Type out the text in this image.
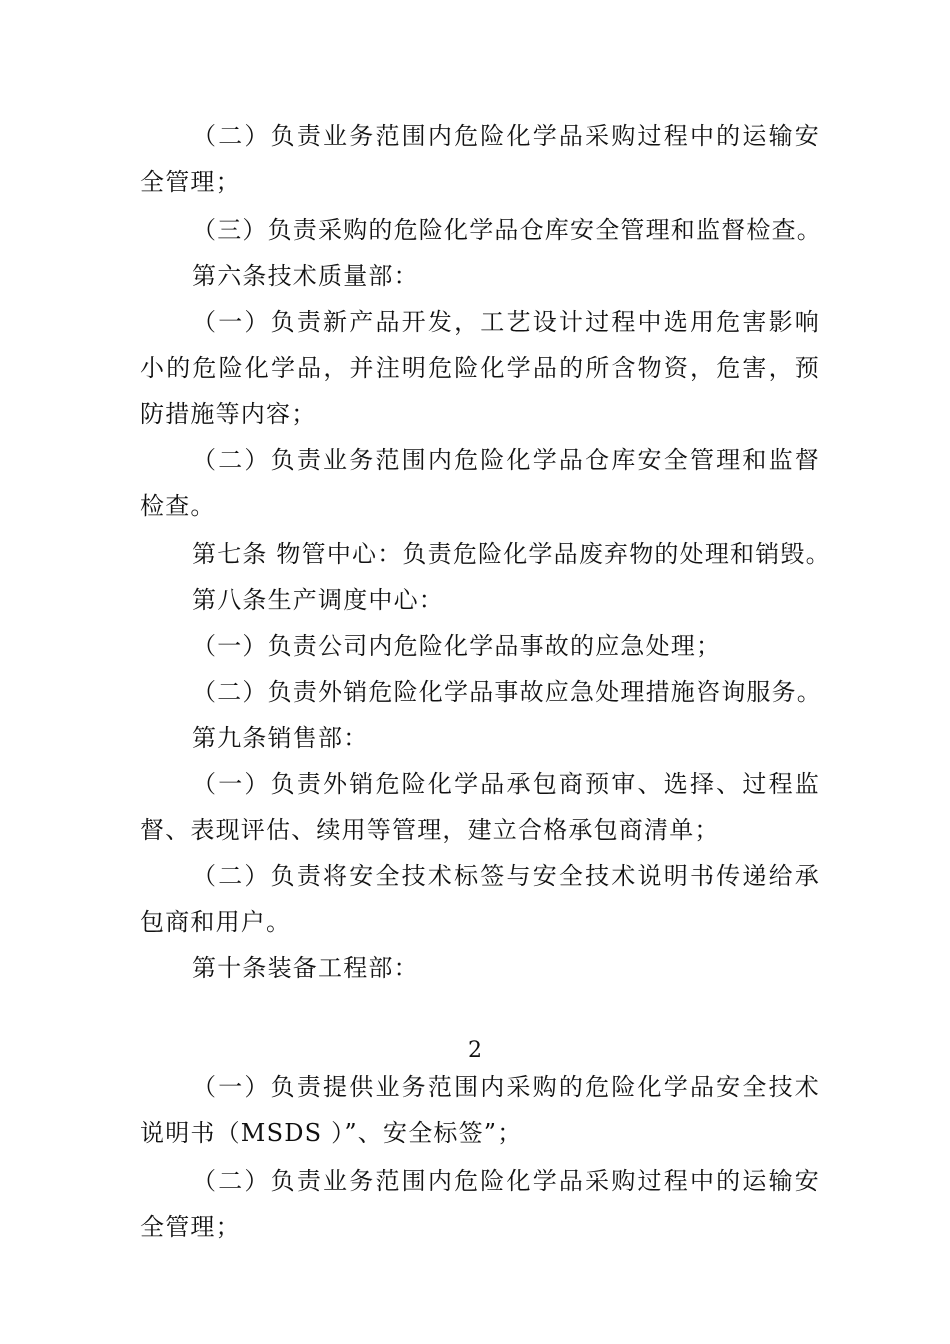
（二）负责业务范围内危险化学品采购过程中的运输安全管理；
（三）负责采购的危险化学品仓库安全管理和监督检查。
第六条技术质量部：
（一）负责新产品开发，工艺设计过程中选用危害影响小的危险化学品，并注明危险化学品的所含物资，危害，预防措施等内容；
（二）负责业务范围内危险化学品仓库安全管理和监督检查。
第七条 物管中心：负责危险化学品废弃物的处理和销毁。
第八条生产调度中心：
（一）负责公司内危险化学品事故的应急处理；
（二）负责外销危险化学品事故应急处理措施咨询服务。
第九条销售部：
（一）负责外销危险化学品承包商预审、选择、过程监督、表现评估、续用等管理，建立合格承包商清单；
（二）负责将安全技术标签与安全技术说明书传递给承包商和用户。
第十条装备工程部：
2
（一）负责提供业务范围内采购的危险化学品安全技术说明书（MSDS ）”、安全标签”；
（二）负责业务范围内危险化学品采购过程中的运输安全管理；
